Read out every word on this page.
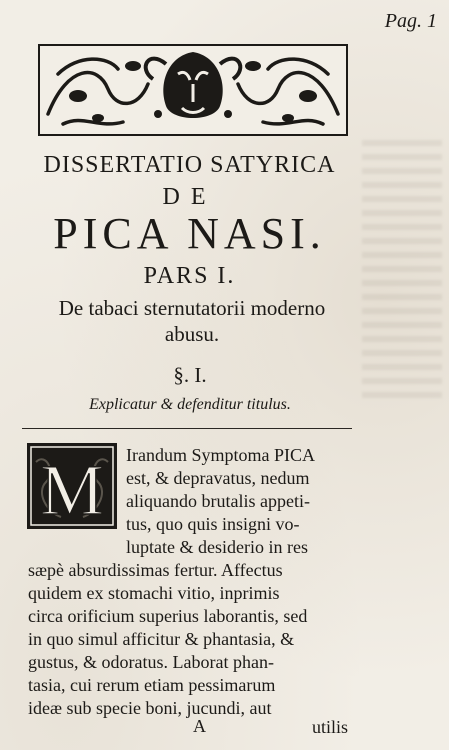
Pag. 1
DISSERTATIO SATYRICA
DE
PICA NASI.
PARS I.
De tabaci sternutatorii moderno
abusu.
§. I.
Explicatur & defenditur titulus.
M Irandum Symptoma PICA
est, & depravatus, nedum
aliquando brutalis appeti-
tus, quo quis insigni vo-
luptate & desiderio in res
sæpè absurdissimas fertur. Affectus
quidem ex stomachi vitio, inprimis
circa orificium superius laborantis, sed
in quo simul afficitur & phantasia, &
gustus, & odoratus. Laborat phan-
tasia, cui rerum etiam pessimarum
ideæ sub specie boni, jucundi, aut
A	utilis
